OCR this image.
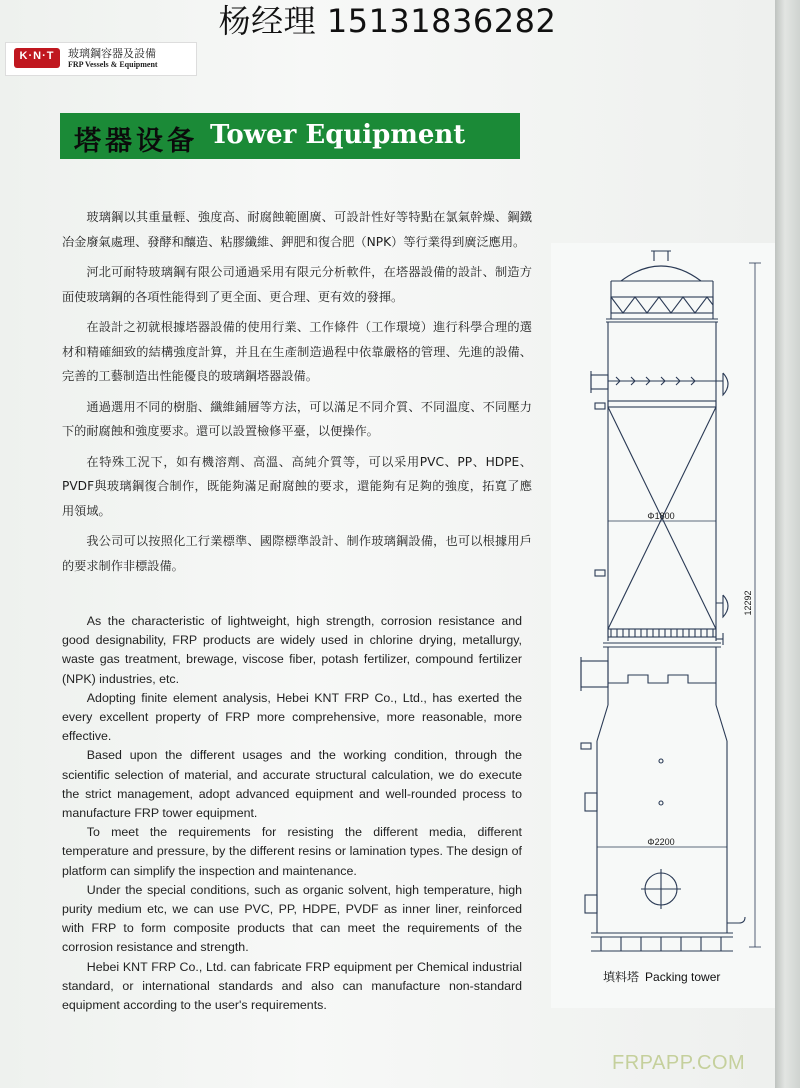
杨经理 15131836282
K·N·T	玻璃鋼容器及設備
FRP Vessels & Equipment
塔器设备 Tower Equipment

玻璃鋼以其重量輕、強度高、耐腐蝕範圍廣、可設計性好等特點在氯氣幹燥、鋼鐵冶金廢氣處理、發酵和釀造、粘膠纖維、鉀肥和復合肥（NPK）等行業得到廣泛應用。

河北可耐特玻璃鋼有限公司通過采用有限元分析軟件，在塔器設備的設計、制造方面使玻璃鋼的各項性能得到了更全面、更合理、更有效的發揮。

在設計之初就根據塔器設備的使用行業、工作條件（工作環境）進行科學合理的選材和精確細致的結構強度計算，并且在生產制造過程中依靠嚴格的管理、先進的設備、完善的工藝制造出性能優良的玻璃鋼塔器設備。

通過選用不同的樹脂、纖維鋪層等方法，可以滿足不同介質、不同溫度、不同壓力下的耐腐蝕和強度要求。還可以設置檢修平臺，以便操作。

在特殊工況下，如有機溶劑、高溫、高純介質等，可以采用PVC、PP、HDPE、PVDF與玻璃鋼復合制作，既能夠滿足耐腐蝕的要求，還能夠有足夠的強度，拓寬了應用領域。

我公司可以按照化工行業標準、國際標準設計、制作玻璃鋼設備，也可以根據用戶的要求制作非標設備。

As the characteristic of lightweight, high strength, corrosion resistance and good designability, FRP products are widely used in chlorine drying, metallurgy, waste gas treatment, brewage, viscose fiber, potash fertilizer, compound fertilizer (NPK) industries, etc.

Adopting finite element analysis, Hebei KNT FRP Co., Ltd., has exerted the every excellent property of FRP more comprehensive, more reasonable, more effective.

Based upon the different usages and the working condition, through the scientific selection of material, and accurate structural calculation, we do execute the strict management, adopt advanced equipment and well-rounded process to manufacture FRP tower equipment.

To meet the requirements for resisting the different media, different temperature and pressure, by the different resins or lamination types. The design of platform can simplify the inspection and maintenance.

Under the special conditions, such as organic solvent, high temperature, high purity medium etc, we can use PVC, PP, HDPE, PVDF as inner liner, reinforced with FRP to form composite products that can meet the requirements of the corrosion resistance and strength.

Hebei KNT FRP Co., Ltd. can fabricate FRP equipment per Chemical industrial standard, or international standards and also can manufacture non-standard equipment according to the user's requirements.

Φ1800
Φ2200
12292
填料塔 Packing tower
FRPAPP.COM
